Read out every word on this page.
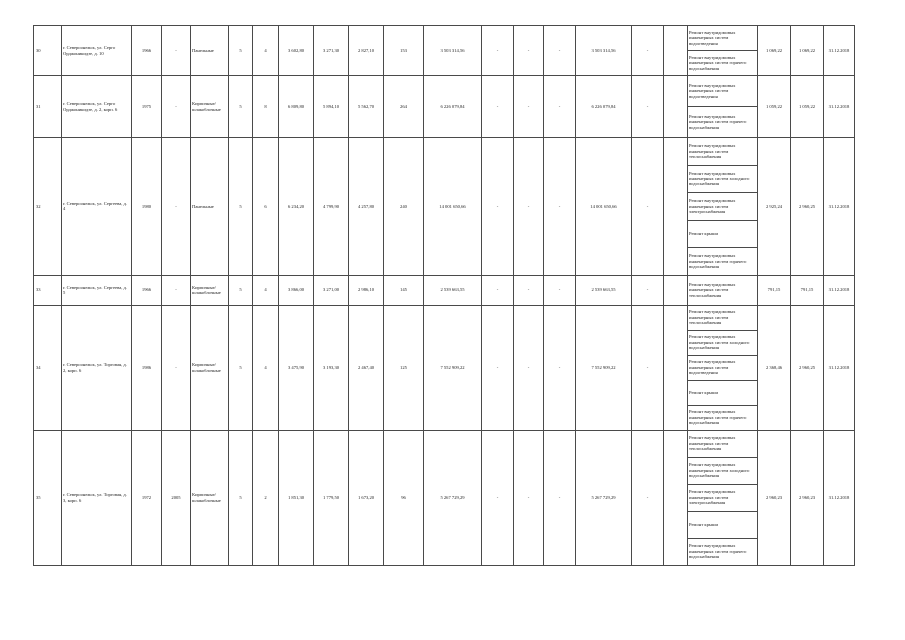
30	г. Североонежск, ул. Серго Орджоникидзе, д. 10	1966	-	Панельные	5	4	3 602,80	3 271,30	2 827,10	153	3 503 314,56	-	-	-	3 503 314,56	-		Ремонт внутридомовых инженерных систем водоотведения	1 069,22	1 069,22	31.12.2018
																		Ремонт внутридомовых инженерных систем горячего водоснабжения			
31	г. Североонежск, ул. Серго Орджоникидзе, д. 2, корп. 6	1975	-	Кирпичные/шлакоблочные	5	8	6 809,80	5 894,10	5 562,70	264	6 226 079,84	-	-	-	6 226 079,84	-		Ремонт внутридомовых инженерных систем водоотведения	1 059,22	1 059,22	31.12.2018
																		Ремонт внутридомовых инженерных систем горячего водоснабжения			
32	г. Североонежск, ул. Сергеева, д. 4	1980	-	Панельные	5	6	6 234,20	4 799,90	4 257,80	240	14 001 650,66	-	-	-	14 001 650,66	-		Ремонт внутридомовых инженерных систем теплоснабжения	2 925,24	2 960,25	31.12.2018
																		Ремонт внутридомовых инженерных систем холодного водоснабжения			
																		Ремонт внутридомовых инженерных систем электроснабжения			
																		Ремонт крыши			
																		Ремонт внутридомовых инженерных систем горячего водоснабжения			
33	г. Североонежск, ул. Сергеева, д. 5	1966	-	Кирпичные/шлакоблочные	5	4	3 866,00	3 271,00	2 986,10	145	2 539 663,55	-	-	-	2 539 663,55	-		Ремонт внутридомовых инженерных систем теплоснабжения	791,15	791,15	31.12.2018
34	г. Североонежск, ул. Торговая, д. 2, корп. 6	1986	-	Кирпичные/шлакоблочные	5	4	3 475,90	3 193,30	2 467,40	125	7 552 909,22	-	-	-	7 552 909,22	-		Ремонт внутридомовых инженерных систем теплоснабжения	2 368,46	2 960,25	31.12.2018
																		Ремонт внутридомовых инженерных систем холодного водоснабжения			
																		Ремонт внутридомовых инженерных систем водоотведения			
																		Ремонт крыши			
																		Ремонт внутридомовых инженерных систем горячего водоснабжения			
35	г. Североонежск, ул. Торговая, д. 3, корп. 6	1972	2005	Кирпичные/шлакоблочные	5	2	1 851,30	1 779,50	1 673,20	96	5 267 729,29	-	-	-	5 267 729,29	-		Ремонт внутридомовых инженерных систем теплоснабжения	2 960,23	2 960,23	31.12.2018
																		Ремонт внутридомовых инженерных систем холодного водоснабжения			
																		Ремонт внутридомовых инженерных систем электроснабжения			
																		Ремонт крыши			
																		Ремонт внутридомовых инженерных систем горячего водоснабжения			
